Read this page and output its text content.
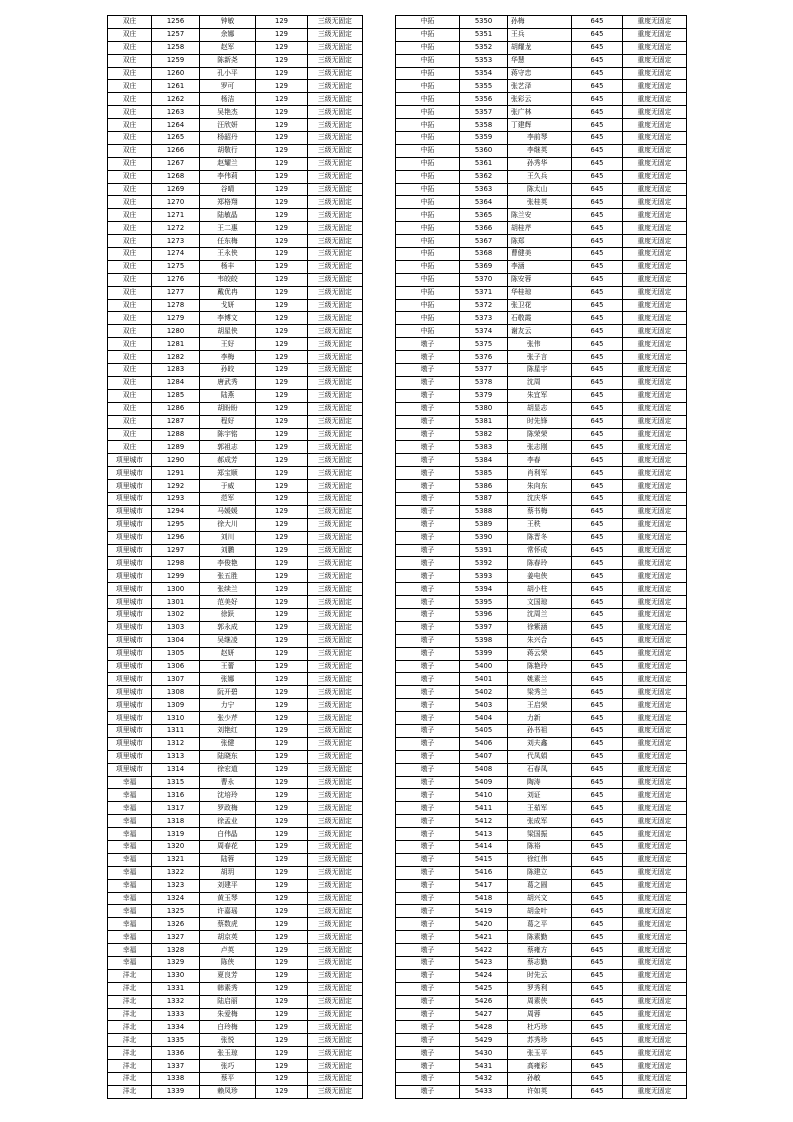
双庄	1256	钟敏	129	三级无固定
双庄	1257	余娜	129	三级无固定
双庄	1258	赵军	129	三级无固定
双庄	1259	陈新尧	129	三级无固定
双庄	1260	孔小平	129	三级无固定
双庄	1261	罗可	129	三级无固定
双庄	1262	杨洁	129	三级无固定
双庄	1263	吴艳杰	129	三级无固定
双庄	1264	汪欣妍	129	三级无固定
双庄	1265	杨韶丹	129	三级无固定
双庄	1266	胡敬行	129	三级无固定
双庄	1267	赵耀兰	129	三级无固定
双庄	1268	李伟莉	129	三级无固定
双庄	1269	谷晴	129	三级无固定
双庄	1270	郑格翔	129	三级无固定
双庄	1271	陆敏晶	129	三级无固定
双庄	1272	王二惠	129	三级无固定
双庄	1273	任东梅	129	三级无固定
双庄	1274	王永侠	129	三级无固定
双庄	1275	杨丰	129	三级无固定
双庄	1276	韦皎皎	129	三级无固定
双庄	1277	戴优冉	129	三级无固定
双庄	1278	戈妍	129	三级无固定
双庄	1279	李博文	129	三级无固定
双庄	1280	胡星侠	129	三级无固定
双庄	1281	王好	129	三级无固定
双庄	1282	李梅	129	三级无固定
双庄	1283	孙皎	129	三级无固定
双庄	1284	唐武秀	129	三级无固定
双庄	1285	陆燕	129	三级无固定
双庄	1286	胡盼盼	129	三级无固定
双庄	1287	程好	129	三级无固定
双庄	1288	陈宇铭	129	三级无固定
双庄	1289	郭祖志	129	三级无固定
项里城市	1290	郝成芳	129	三级无固定
项里城市	1291	郑宝顺	129	三级无固定
项里城市	1292	于威	129	三级无固定
项里城市	1293	范军	129	三级无固定
项里城市	1294	马媛媛	129	三级无固定
项里城市	1295	徐大川	129	三级无固定
项里城市	1296	刘川	129	三级无固定
项里城市	1297	刘鹏	129	三级无固定
项里城市	1298	李俊艳	129	三级无固定
项里城市	1299	张五胜	129	三级无固定
项里城市	1300	张续兰	129	三级无固定
项里城市	1301	范美好	129	三级无固定
项里城市	1302	徐跃	129	三级无固定
项里城市	1303	郭永成	129	三级无固定
项里城市	1304	吴继凌	129	三级无固定
项里城市	1305	赵妍	129	三级无固定
项里城市	1306	王蕾	129	三级无固定
项里城市	1307	张娜	129	三级无固定
项里城市	1308	阮开碧	129	三级无固定
项里城市	1309	力宁	129	三级无固定
项里城市	1310	张少芹	129	三级无固定
项里城市	1311	刘艳红	129	三级无固定
项里城市	1312	张健	129	三级无固定
项里城市	1313	陆晓东	129	三级无固定
项里城市	1314	徐宏道	129	三级无固定
幸福	1315	曹永	129	三级无固定
幸福	1316	沈培玲	129	三级无固定
幸福	1317	罗政梅	129	三级无固定
幸福	1318	徐孟业	129	三级无固定
幸福	1319	白伟晶	129	三级无固定
幸福	1320	周春花	129	三级无固定
幸福	1321	陆蓉	129	三级无固定
幸福	1322	胡玥	129	三级无固定
幸福	1323	刘建平	129	三级无固定
幸福	1324	黄玉琴	129	三级无固定
幸福	1325	许嘉瑶	129	三级无固定
幸福	1326	蔡数虎	129	三级无固定
幸福	1327	胡京英	129	三级无固定
幸福	1328	卢英	129	三级无固定
幸福	1329	陈侠	129	三级无固定
洋北	1330	夏良芳	129	三级无固定
洋北	1331	韩素秀	129	三级无固定
洋北	1332	陆启丽	129	三级无固定
洋北	1333	朱爱梅	129	三级无固定
洋北	1334	白玲梅	129	三级无固定
洋北	1335	张悦	129	三级无固定
洋北	1336	张玉琼	129	三级无固定
洋北	1337	张巧	129	三级无固定
洋北	1338	蔡平	129	三级无固定
洋北	1339	赖凤珍	129	三级无固定
中拓	5350	孙梅	645	重度无固定
中拓	5351	王兵	645	重度无固定
中拓	5352	胡耀龙	645	重度无固定
中拓	5353	华慧	645	重度无固定
中拓	5354	蒋守忠	645	重度无固定
中拓	5355	张艺泽	645	重度无固定
中拓	5356	张彩云	645	重度无固定
中拓	5357	张广林	645	重度无固定
中拓	5358	丁建辉	645	重度无固定
中拓	5359	李前琴	645	重度无固定
中拓	5360	李继英	645	重度无固定
中拓	5361	孙秀华	645	重度无固定
中拓	5362	王久兵	645	重度无固定
中拓	5363	陈太山	645	重度无固定
中拓	5364	张桂英	645	重度无固定
中拓	5365	陈兰安	645	重度无固定
中拓	5366	胡桂芹	645	重度无固定
中拓	5367	陈郑	645	重度无固定
中拓	5368	曹健美	645	重度无固定
中拓	5369	李涵	645	重度无固定
中拓	5370	陈安蓉	645	重度无固定
中拓	5371	华桂琼	645	重度无固定
中拓	5372	张卫花	645	重度无固定
中拓	5373	石敬霞	645	重度无固定
中拓	5374	谢友云	645	重度无固定
墩子	5375	张伟	645	重度无固定
墩子	5376	张子言	645	重度无固定
墩子	5377	陈星宇	645	重度无固定
墩子	5378	沈周	645	重度无固定
墩子	5379	朱宜军	645	重度无固定
墩子	5380	胡显志	645	重度无固定
墩子	5381	时先锋	645	重度无固定
墩子	5382	陈荣荣	645	重度无固定
墩子	5383	张志刚	645	重度无固定
墩子	5384	李春	645	重度无固定
墩子	5385	肖利军	645	重度无固定
墩子	5386	朱向东	645	重度无固定
墩子	5387	沈庆华	645	重度无固定
墩子	5388	蔡书梅	645	重度无固定
墩子	5389	王秩	645	重度无固定
墩子	5390	陈晋冬	645	重度无固定
墩子	5391	常怀成	645	重度无固定
墩子	5392	陈春玲	645	重度无固定
墩子	5393	姜电侠	645	重度无固定
墩子	5394	胡小柱	645	重度无固定
墩子	5395	文国琼	645	重度无固定
墩子	5396	沈周兰	645	重度无固定
墩子	5397	徐紫涵	645	重度无固定
墩子	5398	朱兴合	645	重度无固定
墩子	5399	蒋云荣	645	重度无固定
墩子	5400	陈艳玲	645	重度无固定
墩子	5401	姚素兰	645	重度无固定
墩子	5402	梁秀兰	645	重度无固定
墩子	5403	王启荣	645	重度无固定
墩子	5404	力新	645	重度无固定
墩子	5405	孙书祖	645	重度无固定
墩子	5406	刘夫鑫	645	重度无固定
墩子	5407	代凤娟	645	重度无固定
墩子	5408	石春凤	645	重度无固定
墩子	5409	陶涛	645	重度无固定
墩子	5410	刘证	645	重度无固定
墩子	5411	王茹军	645	重度无固定
墩子	5412	张成军	645	重度无固定
墩子	5413	梁国振	645	重度无固定
墩子	5414	陈裕	645	重度无固定
墩子	5415	徐红伟	645	重度无固定
墩子	5416	陈建立	645	重度无固定
墩子	5417	葛之圆	645	重度无固定
墩子	5418	胡兴文	645	重度无固定
墩子	5419	胡金叶	645	重度无固定
墩子	5420	葛之平	645	重度无固定
墩子	5421	陈素勤	645	重度无固定
墩子	5422	蔡雍方	645	重度无固定
墩子	5423	蔡志勤	645	重度无固定
墩子	5424	时先云	645	重度无固定
墩子	5425	罗秀利	645	重度无固定
墩子	5426	周素侠	645	重度无固定
墩子	5427	周蓉	645	重度无固定
墩子	5428	杜巧珍	645	重度无固定
墩子	5429	苏秀珍	645	重度无固定
墩子	5430	张玉平	645	重度无固定
墩子	5431	高雍彩	645	重度无固定
墩子	5432	孙敏	645	重度无固定
墩子	5433	许如英	645	重度无固定
